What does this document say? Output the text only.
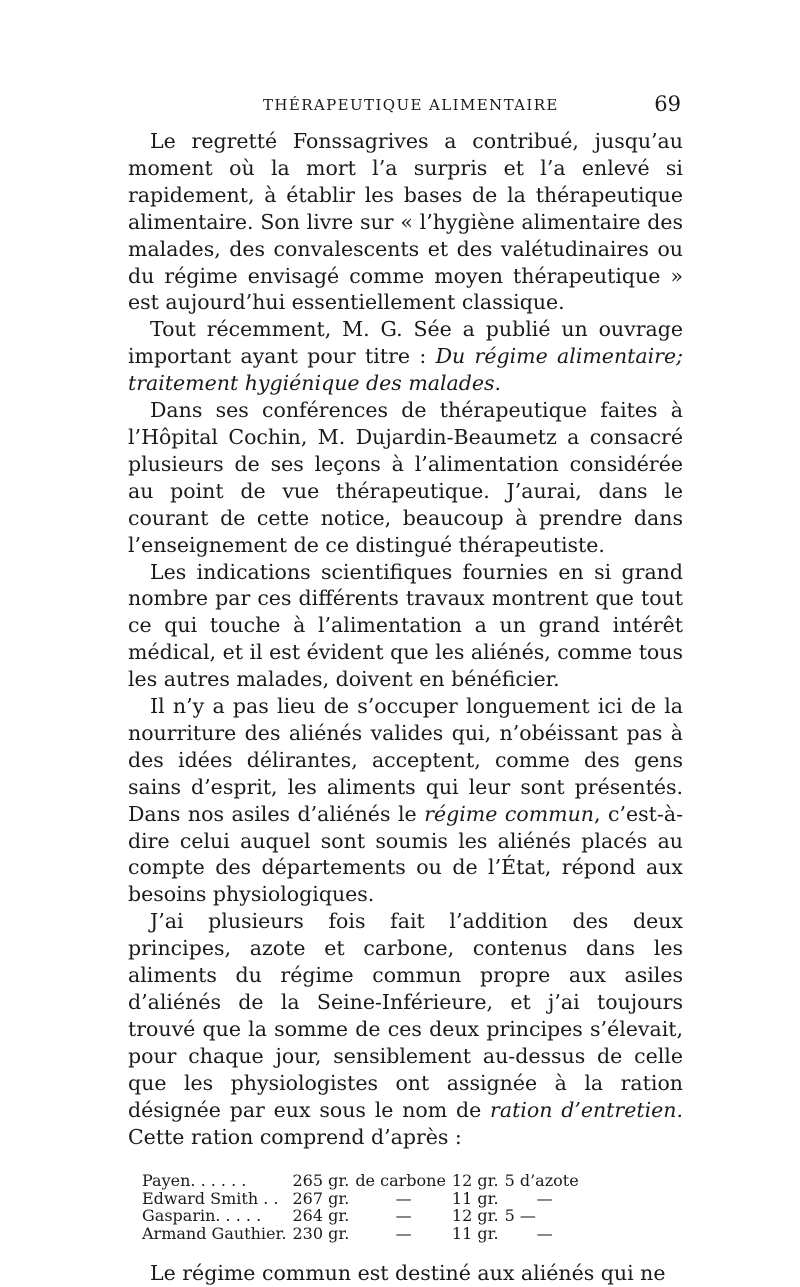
THÉRAPEUTIQUE ALIMENTAIRE	69

Le regretté Fonssagrives a contribué, jusqu’au moment où la mort l’a surpris et l’a enlevé si rapidement, à établir les bases de la thérapeutique alimentaire. Son livre sur « l’hygiène alimentaire des malades, des convalescents et des valétudinaires ou du régime envisagé comme moyen thérapeutique » est aujourd’hui essentiellement classique.

Tout récemment, M. G. Sée a publié un ouvrage important ayant pour titre : Du régime alimentaire; traitement hygiénique des malades.

Dans ses conférences de thérapeutique faites à l’Hôpital Cochin, M. Dujardin-Beaumetz a consacré plusieurs de ses leçons à l’alimentation considérée au point de vue thérapeutique. J’aurai, dans le courant de cette notice, beaucoup à prendre dans l’enseignement de ce distingué thérapeutiste.

Les indications scientifiques fournies en si grand nombre par ces différents travaux montrent que tout ce qui touche à l’alimentation a un grand intérêt médical, et il est évident que les aliénés, comme tous les autres malades, doivent en bénéficier.

Il n’y a pas lieu de s’occuper longuement ici de la nourriture des aliénés valides qui, n’obéissant pas à des idées délirantes, acceptent, comme des gens sains d’esprit, les aliments qui leur sont présentés. Dans nos asiles d’aliénés le régime commun, c’est-à-dire celui auquel sont soumis les aliénés placés au compte des départements ou de l’État, répond aux besoins physiologiques.

J’ai plusieurs fois fait l’addition des deux principes, azote et carbone, contenus dans les aliments du régime commun propre aux asiles d’aliénés de la Seine-Inférieure, et j’ai toujours trouvé que la somme de ces deux principes s’élevait, pour chaque jour, sensiblement au-dessus de celle que les physiologistes ont assignée à la ration désignée par eux sous le nom de ration d’entretien. Cette ration comprend d’après :

Payen. . . . . .	265 gr.	de carbone	12 gr.	5 d’azote
Edward Smith . .	267 gr.	—	11 gr.	—
Gasparin. . . . .	264 gr.	—	12 gr.	5 —
Armand Gauthier.	230 gr.	—	11 gr.	—

Le régime commun est destiné aux aliénés qui ne
